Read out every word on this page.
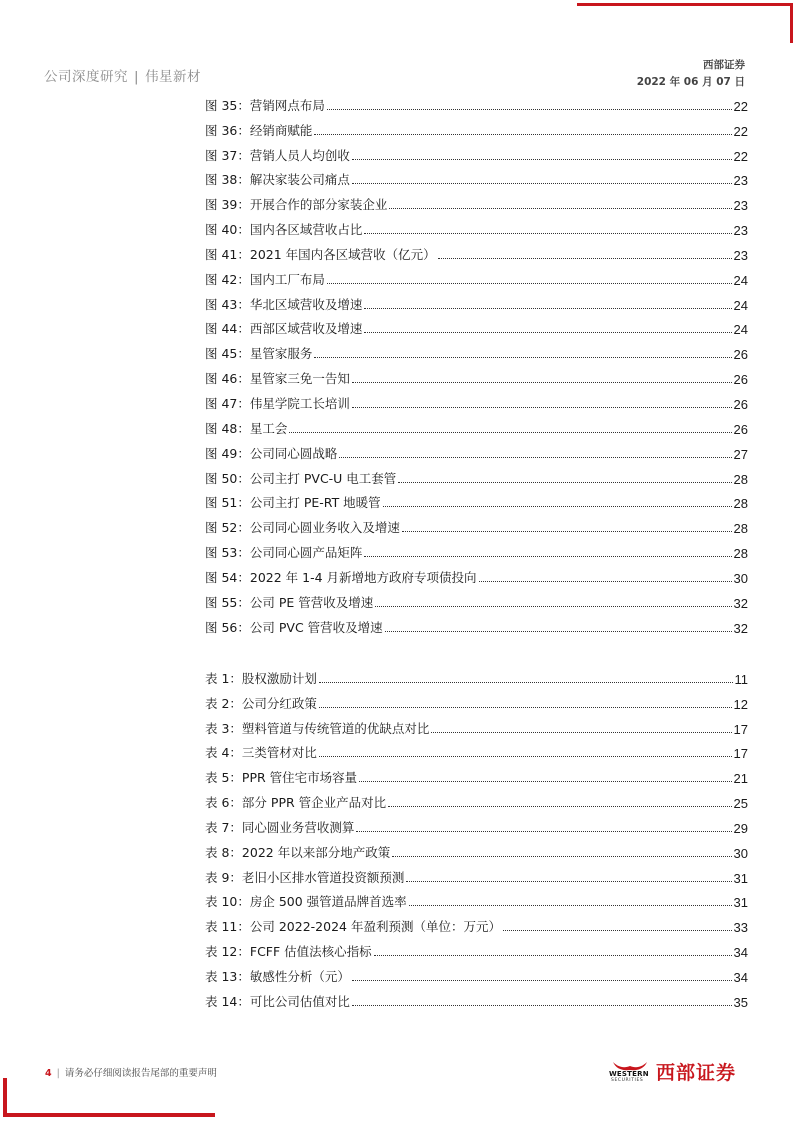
公司深度研究 | 伟星新材
西部证券
2022 年 06 月 07 日
图 35：营销网点布局	22
图 36：经销商赋能	22
图 37：营销人员人均创收	22
图 38：解决家装公司痛点	23
图 39：开展合作的部分家装企业	23
图 40：国内各区域营收占比	23
图 41：2021 年国内各区域营收（亿元）	23
图 42：国内工厂布局	24
图 43：华北区域营收及增速	24
图 44：西部区域营收及增速	24
图 45：星管家服务	26
图 46：星管家三免一告知	26
图 47：伟星学院工长培训	26
图 48：星工会	26
图 49：公司同心圆战略	27
图 50：公司主打 PVC-U 电工套管	28
图 51：公司主打 PE-RT 地暖管	28
图 52：公司同心圆业务收入及增速	28
图 53：公司同心圆产品矩阵	28
图 54：2022 年 1-4 月新增地方政府专项债投向	30
图 55：公司 PE 管营收及增速	32
图 56：公司 PVC 管营收及增速	32
表 1：股权激励计划	11
表 2：公司分红政策	12
表 3：塑料管道与传统管道的优缺点对比	17
表 4：三类管材对比	17
表 5：PPR 管住宅市场容量	21
表 6：部分 PPR 管企业产品对比	25
表 7：同心圆业务营收测算	29
表 8：2022 年以来部分地产政策	30
表 9：老旧小区排水管道投资额预测	31
表 10：房企 500 强管道品牌首选率	31
表 11：公司 2022-2024 年盈利预测（单位：万元）	33
表 12：FCFF 估值法核心指标	34
表 13：敏感性分析（元）	34
表 14：可比公司估值对比	35
4 | 请务必仔细阅读报告尾部的重要声明	WESTERN
SECURITIES 西部证券
